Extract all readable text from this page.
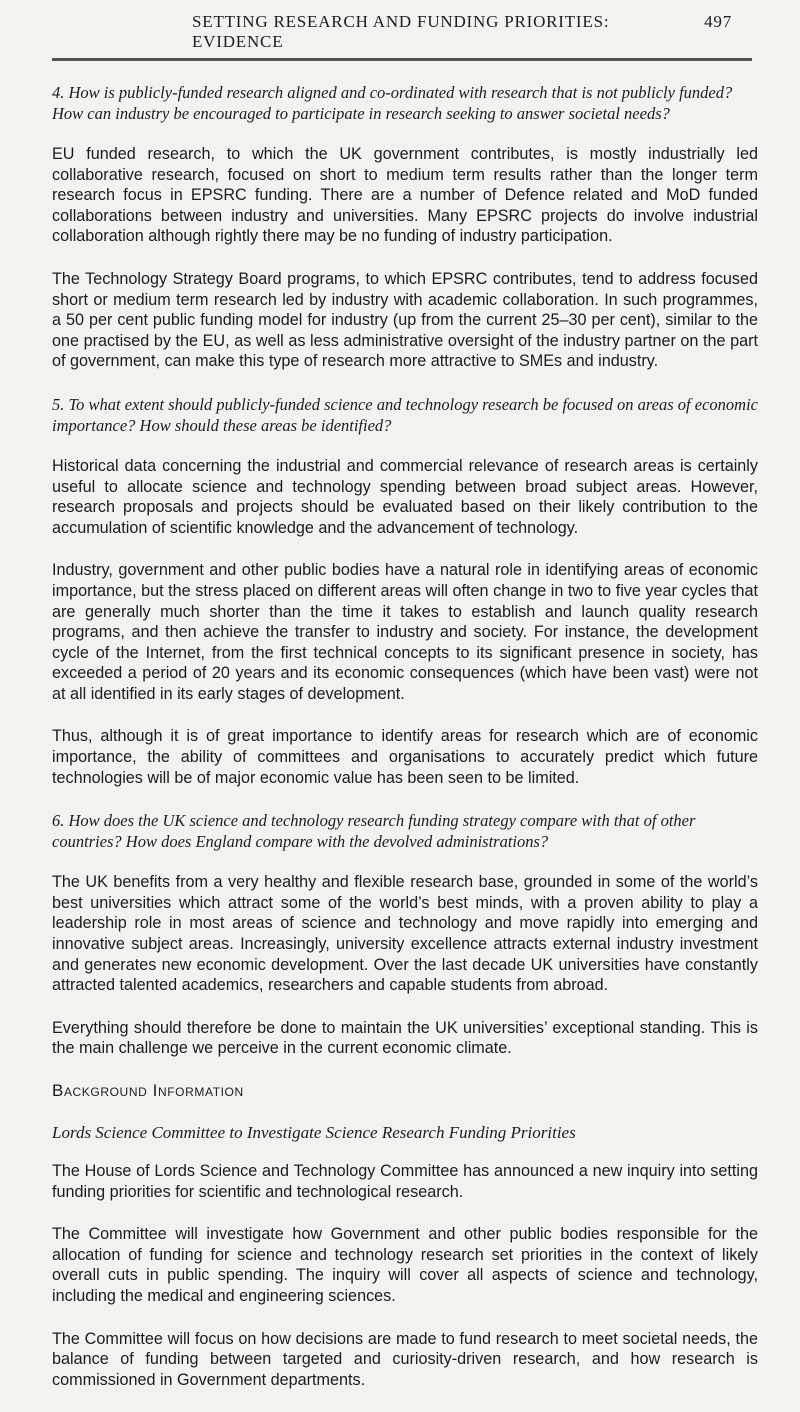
SETTING RESEARCH AND FUNDING PRIORITIES: EVIDENCE
497
4. How is publicly-funded research aligned and co-ordinated with research that is not publicly funded? How can industry be encouraged to participate in research seeking to answer societal needs?

EU funded research, to which the UK government contributes, is mostly industrially led collaborative research, focused on short to medium term results rather than the longer term research focus in EPSRC funding. There are a number of Defence related and MoD funded collaborations between industry and universities. Many EPSRC projects do involve industrial collaboration although rightly there may be no funding of industry participation.

The Technology Strategy Board programs, to which EPSRC contributes, tend to address focused short or medium term research led by industry with academic collaboration. In such programmes, a 50 per cent public funding model for industry (up from the current 25–30 per cent), similar to the one practised by the EU, as well as less administrative oversight of the industry partner on the part of government, can make this type of research more attractive to SMEs and industry.

5. To what extent should publicly-funded science and technology research be focused on areas of economic importance? How should these areas be identified?

Historical data concerning the industrial and commercial relevance of research areas is certainly useful to allocate science and technology spending between broad subject areas. However, research proposals and projects should be evaluated based on their likely contribution to the accumulation of scientific knowledge and the advancement of technology.

Industry, government and other public bodies have a natural role in identifying areas of economic importance, but the stress placed on different areas will often change in two to five year cycles that are generally much shorter than the time it takes to establish and launch quality research programs, and then achieve the transfer to industry and society. For instance, the development cycle of the Internet, from the first technical concepts to its significant presence in society, has exceeded a period of 20 years and its economic consequences (which have been vast) were not at all identified in its early stages of development.

Thus, although it is of great importance to identify areas for research which are of economic importance, the ability of committees and organisations to accurately predict which future technologies will be of major economic value has been seen to be limited.

6. How does the UK science and technology research funding strategy compare with that of other countries? How does England compare with the devolved administrations?

The UK benefits from a very healthy and flexible research base, grounded in some of the world’s best universities which attract some of the world’s best minds, with a proven ability to play a leadership role in most areas of science and technology and move rapidly into emerging and innovative subject areas. Increasingly, university excellence attracts external industry investment and generates new economic development. Over the last decade UK universities have constantly attracted talented academics, researchers and capable students from abroad.

Everything should therefore be done to maintain the UK universities’ exceptional standing. This is the main challenge we perceive in the current economic climate.

Background Information
Lords Science Committee to Investigate Science Research Funding Priorities

The House of Lords Science and Technology Committee has announced a new inquiry into setting funding priorities for scientific and technological research.

The Committee will investigate how Government and other public bodies responsible for the allocation of funding for science and technology research set priorities in the context of likely overall cuts in public spending. The inquiry will cover all aspects of science and technology, including the medical and engineering sciences.

The Committee will focus on how decisions are made to fund research to meet societal needs, the balance of funding between targeted and curiosity-driven research, and how research is commissioned in Government departments.
